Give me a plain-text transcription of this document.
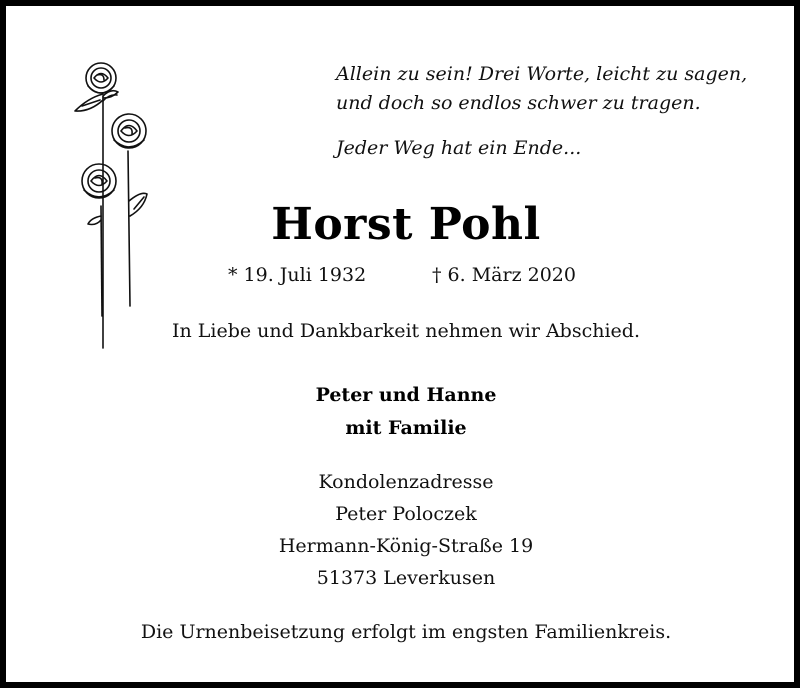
Allein zu sein! Drei Worte, leicht zu sagen,
und doch so endlos schwer zu tragen.
Jeder Weg hat ein Ende...
Horst Pohl
* 19. Juli 1932	† 6. März 2020
In Liebe und Dankbarkeit nehmen wir Abschied.
Peter und Hanne
mit Familie
Kondolenzadresse
Peter Poloczek
Hermann-König-Straße 19
51373 Leverkusen
Die Urnenbeisetzung erfolgt im engsten Familienkreis.
